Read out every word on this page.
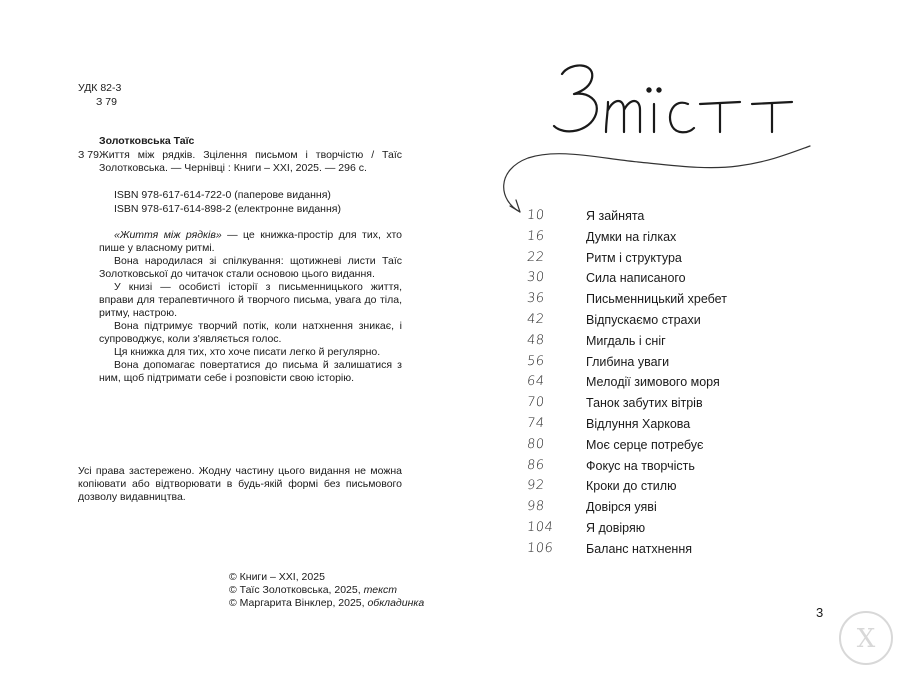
УДК 82-3
З 79
Золотковська Таїс
З 79 Життя між рядків. Зцілення письмом і творчістю / Таїс Золотковська. — Чернівці : Книги – ХХІ, 2025. — 296 с.
ISBN 978-617-614-722-0 (паперове видання)
ISBN 978-617-614-898-2 (електронне видання)

«Життя між рядків» — це книжка-простір для тих, хто пише у власному ритмі.

Вона народилася зі спілкування: щотижневі листи Таїс Золотковської до читачок стали основою цього видання.

У книзі — особисті історії з письменницького життя, вправи для терапевтичного й творчого письма, увага до тіла, ритму, настрою.

Вона підтримує творчий потік, коли натхнення зникає, і супроводжує, коли з'являється голос.

Ця книжка для тих, хто хоче писати легко й регулярно.

Вона допомагає повертатися до письма й залишатися з ним, щоб підтримати себе і розповісти свою історію.

Усі права застережено. Жодну частину цього видання не можна копіювати або відтворювати в будь-якій формі без письмового дозволу видавництва.
© Книги – ХХІ, 2025
© Таїс Золотковська, 2025, текст
© Маргарита Вінклер, 2025, обкладинка
10	Я зайнята
16	Думки на гілках
22	Ритм і структура
30	Сила написаного
36	Письменницький хребет
42	Відпускаємо страхи
48	Мигдаль і сніг
56	Глибина уваги
64	Мелодії зимового моря
70	Танок забутих вітрів
74	Відлуння Харкова
80	Моє серце потребує
86	Фокус на творчість
92	Кроки до стилю
98	Довірся уяві
104	Я довіряю
106	Баланс натхнення
3
Х
